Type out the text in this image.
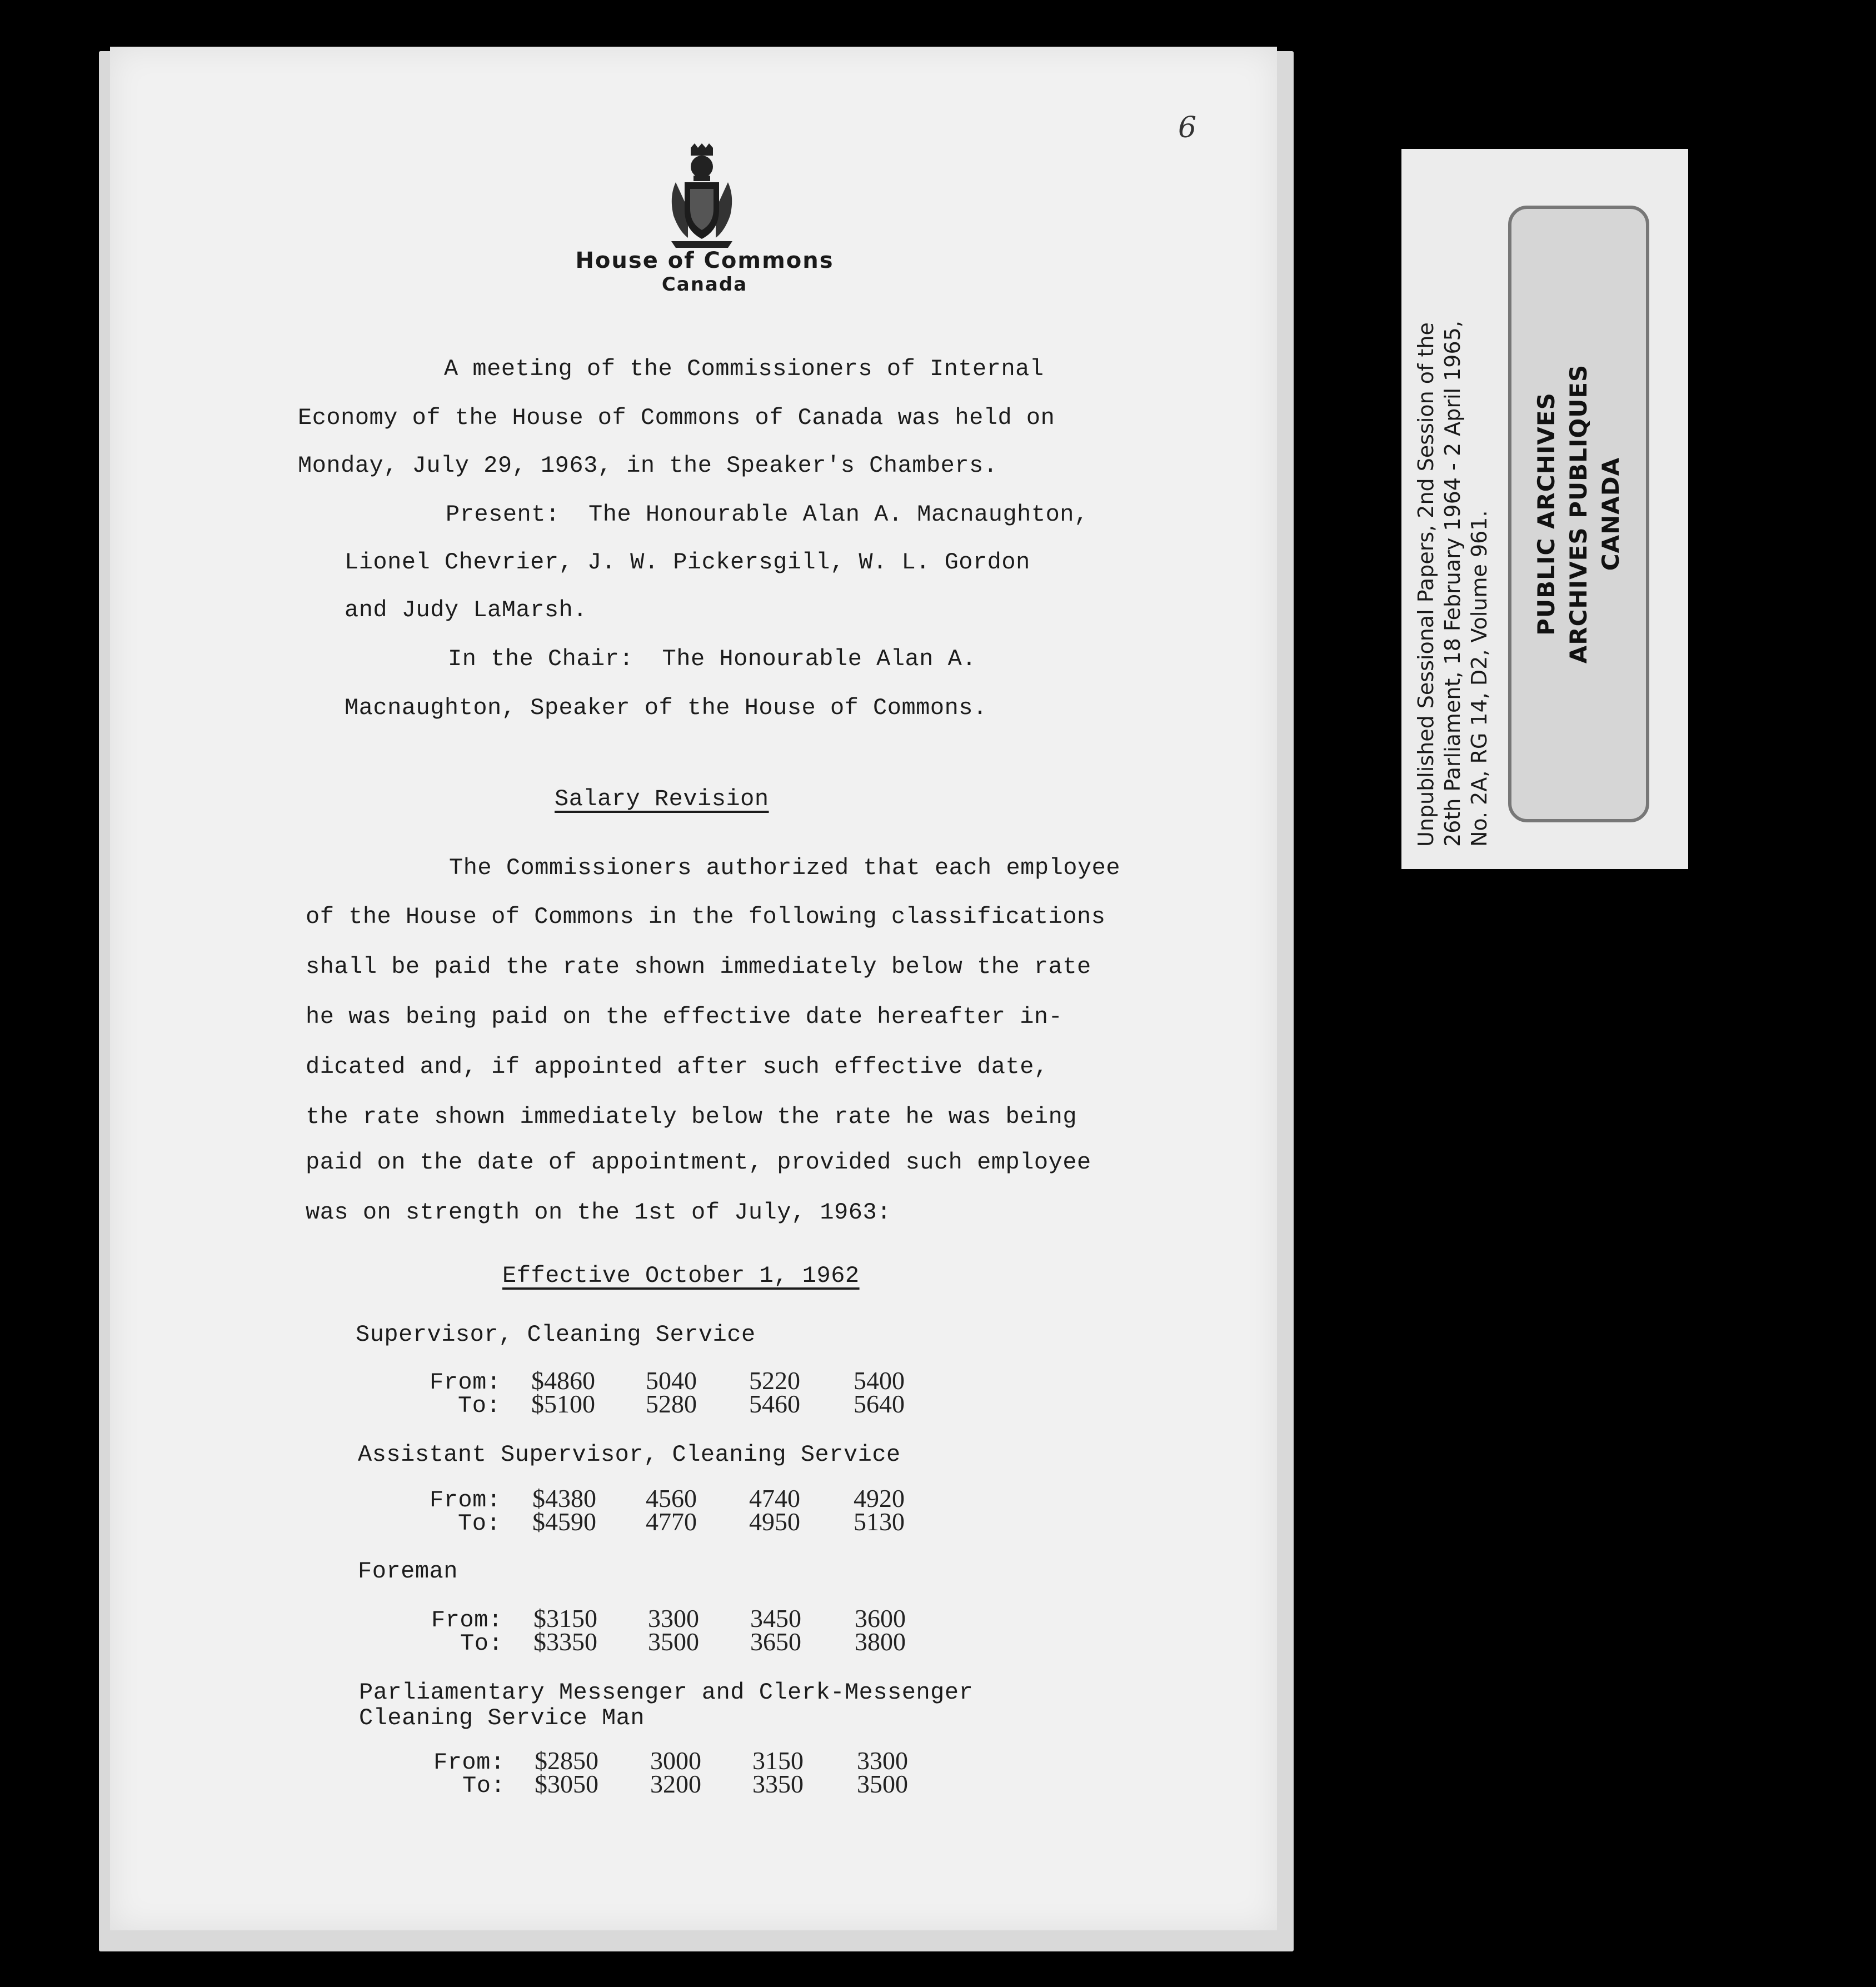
6
House of Commons
Canada
A meeting of the Commissioners of Internal
Economy of the House of Commons of Canada was held on
Monday, July 29, 1963, in the Speaker's Chambers.
Present:  The Honourable Alan A. Macnaughton,
Lionel Chevrier, J. W. Pickersgill, W. L. Gordon
and Judy LaMarsh.
In the Chair:  The Honourable Alan A.
Macnaughton, Speaker of the House of Commons.
Salary Revision
The Commissioners authorized that each employee
of the House of Commons in the following classifications
shall be paid the rate shown immediately below the rate
he was being paid on the effective date hereafter in-
dicated and, if appointed after such effective date,
the rate shown immediately below the rate he was being
paid on the date of appointment, provided such employee
was on strength on the 1st of July, 1963:
Effective October 1, 1962
Supervisor, Cleaning Service
From: $4860 5040 5220 5400
To: $5100 5280 5460 5640
Assistant Supervisor, Cleaning Service
From: $4380 4560 4740 4920
To: $4590 4770 4950 5130
Foreman
From: $3150 3300 3450 3600
To: $3350 3500 3650 3800
Parliamentary Messenger and Clerk-Messenger
Cleaning Service Man
From: $2850 3000 3150 3300
To: $3050 3200 3350 3500
Unpublished Sessional Papers, 2nd Session of the 26th Parliament, 18 February 1964 - 2 April 1965, No. 2A, RG 14, D2, Volume 961. PUBLIC ARCHIVES ARCHIVES PUBLIQUES CANADA
